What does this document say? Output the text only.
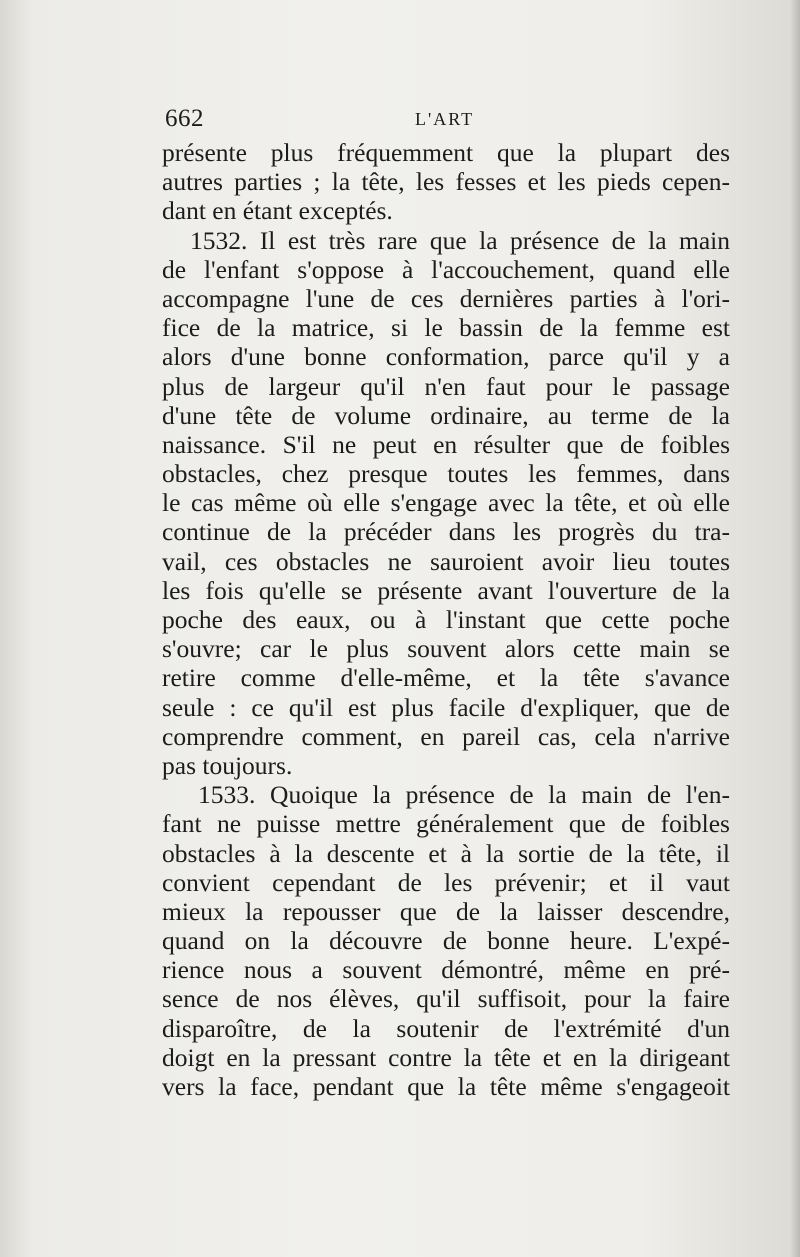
662	L'ART
présente plus fréquemment que la plupart des
autres parties ; la tête, les fesses et les pieds cepen-
dant en étant exceptés.
1532. Il est très rare que la présence de la main
de l'enfant s'oppose à l'accouchement, quand elle
accompagne l'une de ces dernières parties à l'ori-
fice de la matrice, si le bassin de la femme est
alors d'une bonne conformation, parce qu'il y a
plus de largeur qu'il n'en faut pour le passage
d'une tête de volume ordinaire, au terme de la
naissance. S'il ne peut en résulter que de foibles
obstacles, chez presque toutes les femmes, dans
le cas même où elle s'engage avec la tête, et où elle
continue de la précéder dans les progrès du tra-
vail, ces obstacles ne sauroient avoir lieu toutes
les fois qu'elle se présente avant l'ouverture de la
poche des eaux, ou à l'instant que cette poche
s'ouvre; car le plus souvent alors cette main se
retire comme d'elle-même, et la tête s'avance
seule : ce qu'il est plus facile d'expliquer, que de
comprendre comment, en pareil cas, cela n'arrive
pas toujours.
1533. Quoique la présence de la main de l'en-
fant ne puisse mettre généralement que de foibles
obstacles à la descente et à la sortie de la tête, il
convient cependant de les prévenir; et il vaut
mieux la repousser que de la laisser descendre,
quand on la découvre de bonne heure. L'expé-
rience nous a souvent démontré, même en pré-
sence de nos élèves, qu'il suffisoit, pour la faire
disparoître, de la soutenir de l'extrémité d'un
doigt en la pressant contre la tête et en la dirigeant
vers la face, pendant que la tête même s'engageoit
